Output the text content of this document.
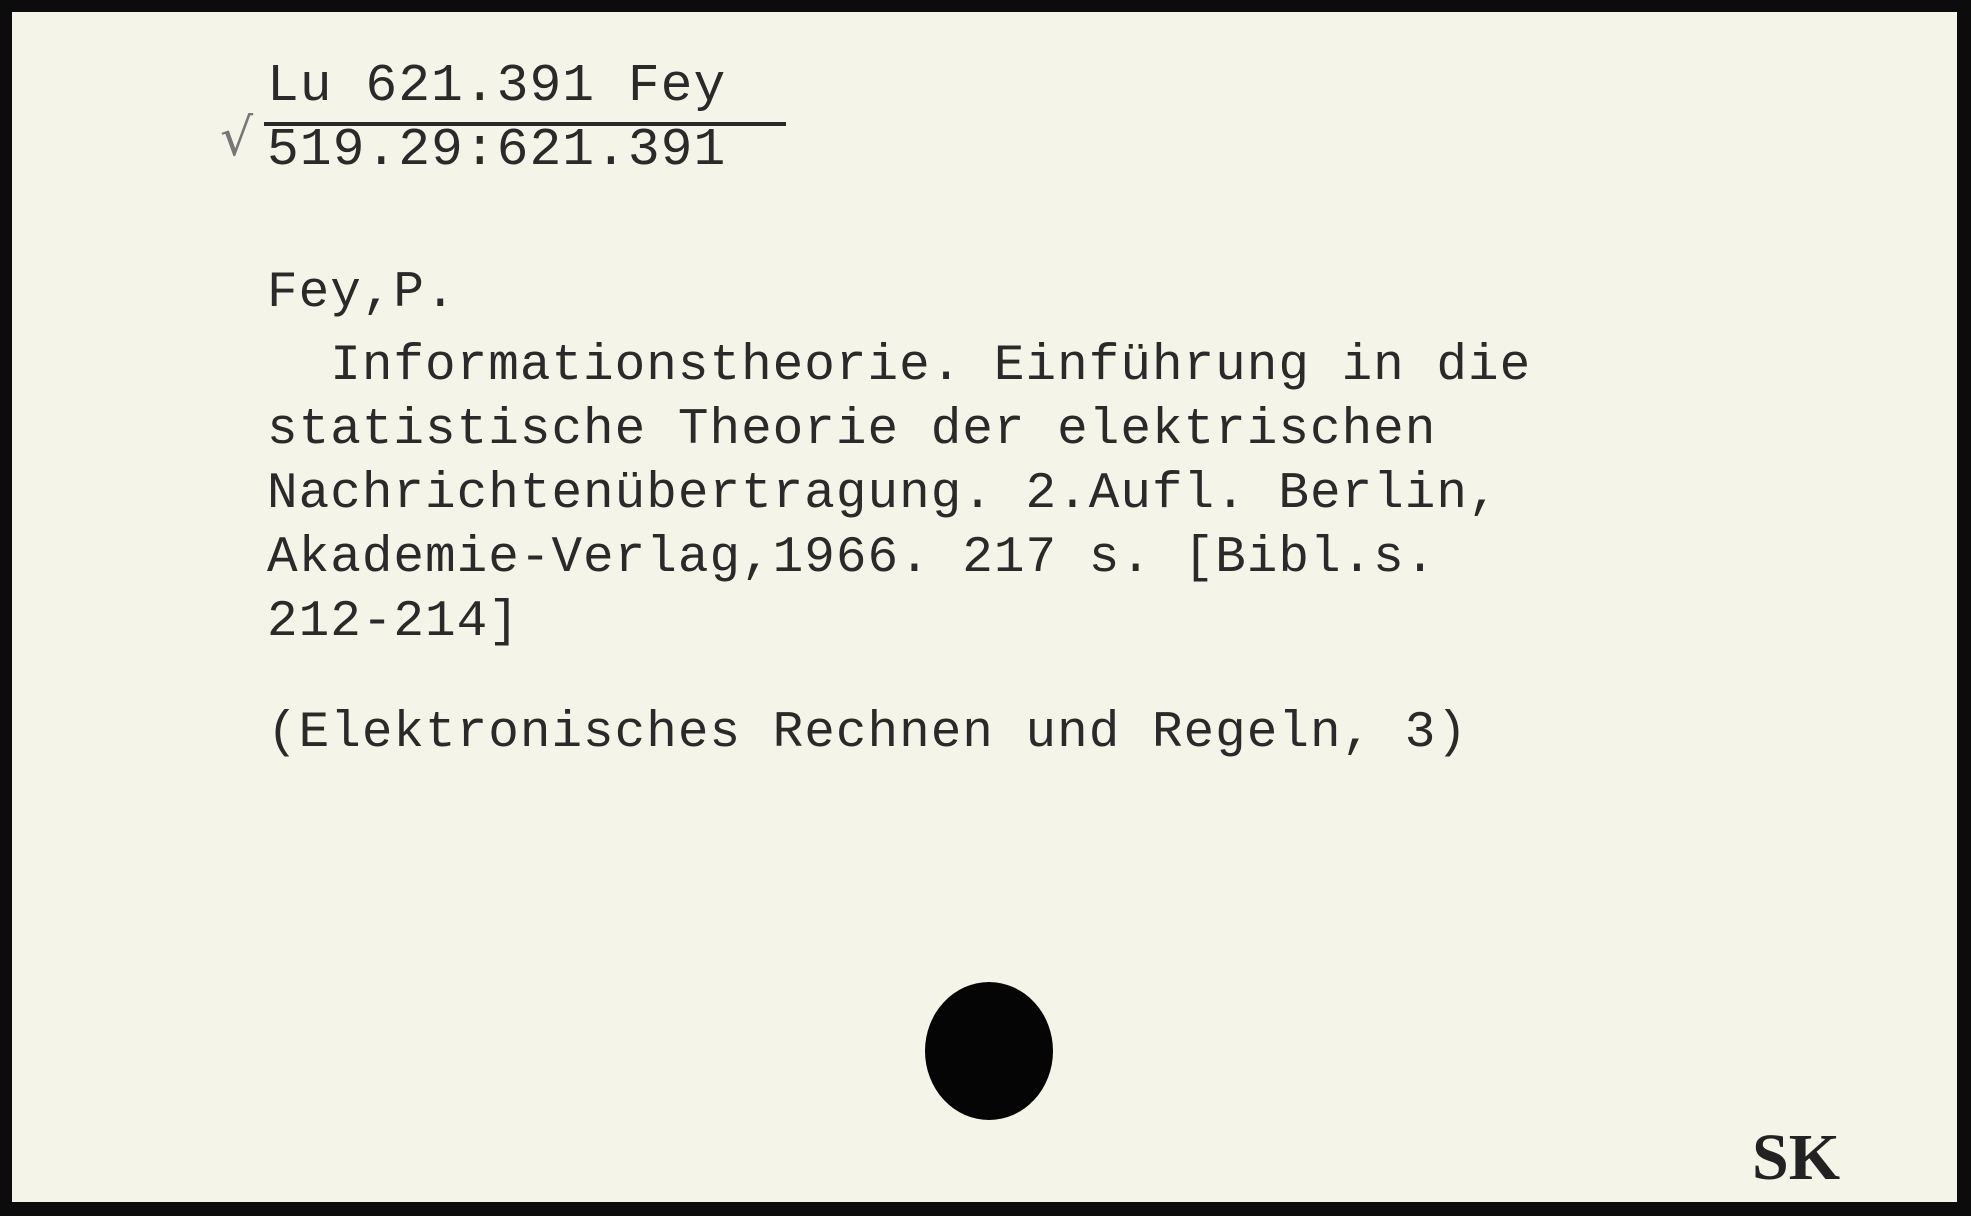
√
Lu 621.391 Fey
519.29:621.391
Fey,P.
Informationstheorie. Einführung in die
statistische Theorie der elektrischen
Nachrichtenübertragung. 2.Aufl. Berlin,
Akademie-Verlag,1966. 217 s. [Bibl.s.
212-214]
(Elektronisches Rechnen und Regeln, 3)
SK
